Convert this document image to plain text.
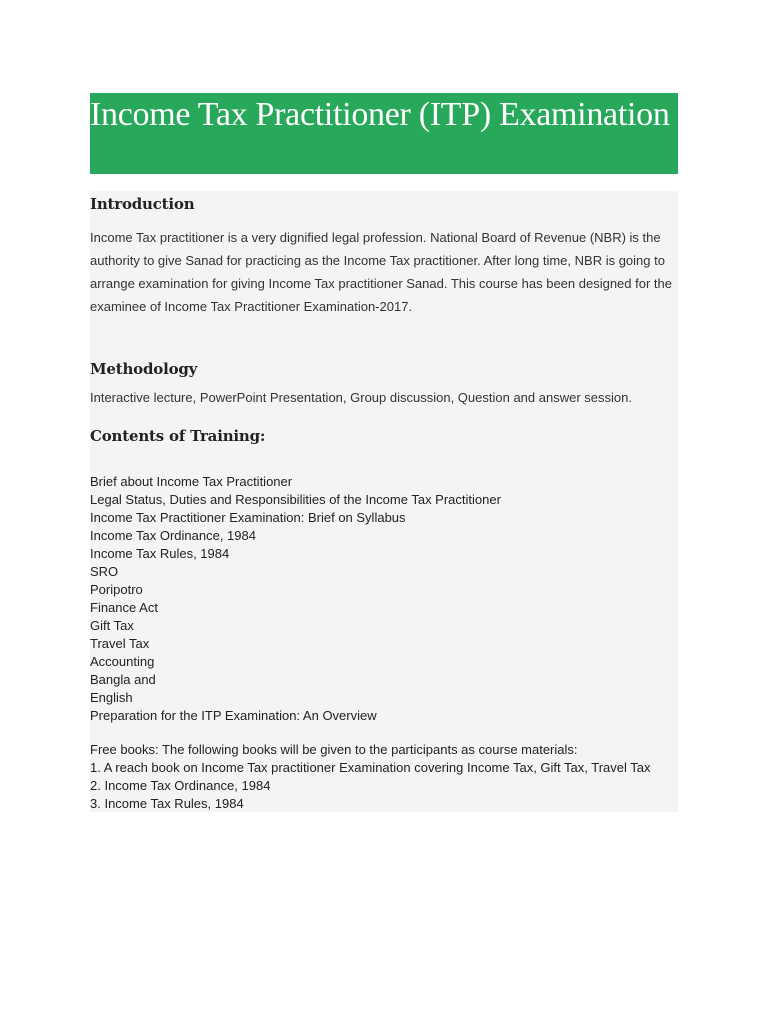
Income Tax Practitioner (ITP) Examination
Introduction

Income Tax practitioner is a very dignified legal profession. National Board of Revenue (NBR) is the authority to give Sanad for practicing as the Income Tax practitioner. After long time, NBR is going to arrange examination for giving Income Tax practitioner Sanad. This course has been designed for the examinee of Income Tax Practitioner Examination-2017.

Methodology

Interactive lecture, PowerPoint Presentation, Group discussion, Question and answer session.

Contents of Training:
Brief about Income Tax Practitioner
Legal Status, Duties and Responsibilities of the Income Tax Practitioner
Income Tax Practitioner Examination: Brief on Syllabus
Income Tax Ordinance, 1984
Income Tax Rules, 1984
SRO
Poripotro
Finance Act
Gift Tax
Travel Tax
Accounting
Bangla and
English
Preparation for the ITP Examination: An Overview
Free books: The following books will be given to the participants as course materials:
1. A reach book on Income Tax practitioner Examination covering Income Tax, Gift Tax, Travel Tax
2. Income Tax Ordinance, 1984
3. Income Tax Rules, 1984
